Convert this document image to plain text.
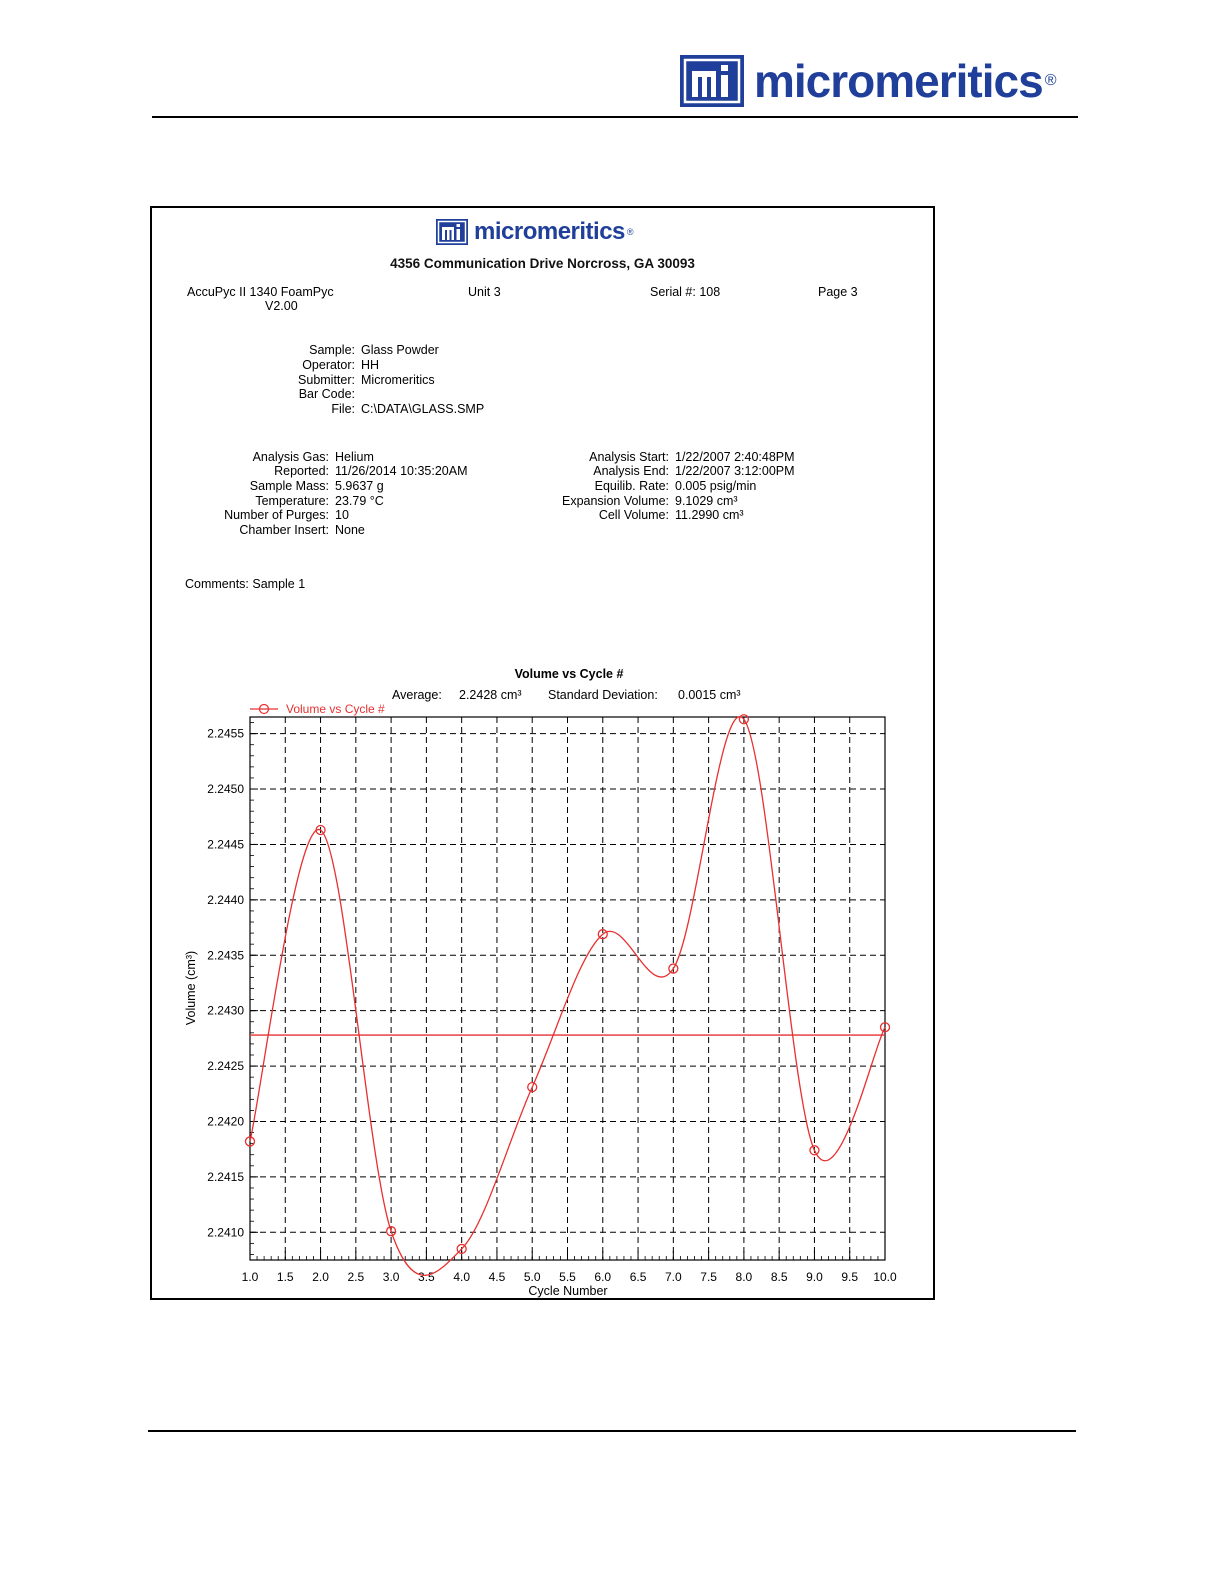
micromeritics ®
micromeritics ®
4356 Communication Drive Norcross, GA 30093
AccuPyc II 1340 FoamPyc
V2.00
Unit 3	Serial #: 108	Page 3
Sample: Glass Powder
Operator: HH
Submitter: Micromeritics
Bar Code:
File: C:\DATA\GLASS.SMP
Analysis Gas: Helium
Reported: 11/26/2014 10:35:20AM
Sample Mass: 5.9637 g
Temperature: 23.79 °C
Number of Purges: 10
Chamber Insert: None
Analysis Start: 1/22/2007 2:40:48PM
Analysis End: 1/22/2007 3:12:00PM
Equilib. Rate: 0.005 psig/min
Expansion Volume: 9.1029 cm³
Cell Volume: 11.2990 cm³
Comments: Sample 1
Volume vs Cycle #
Average: 2.2428 cm³ Standard Deviation: 0.0015 cm³
Volume vs Cycle #
1.0 1.5 2.0 2.5 3.0 3.5 4.0 4.5 5.0 5.5 6.0 6.5 7.0 7.5 8.0 8.5 9.0 9.5 10.0
2.2410
2.2415
2.2420
2.2425
2.2430
2.2435
2.2440
2.2445
2.2450
2.2455
Cycle Number
Volume (cm³)
